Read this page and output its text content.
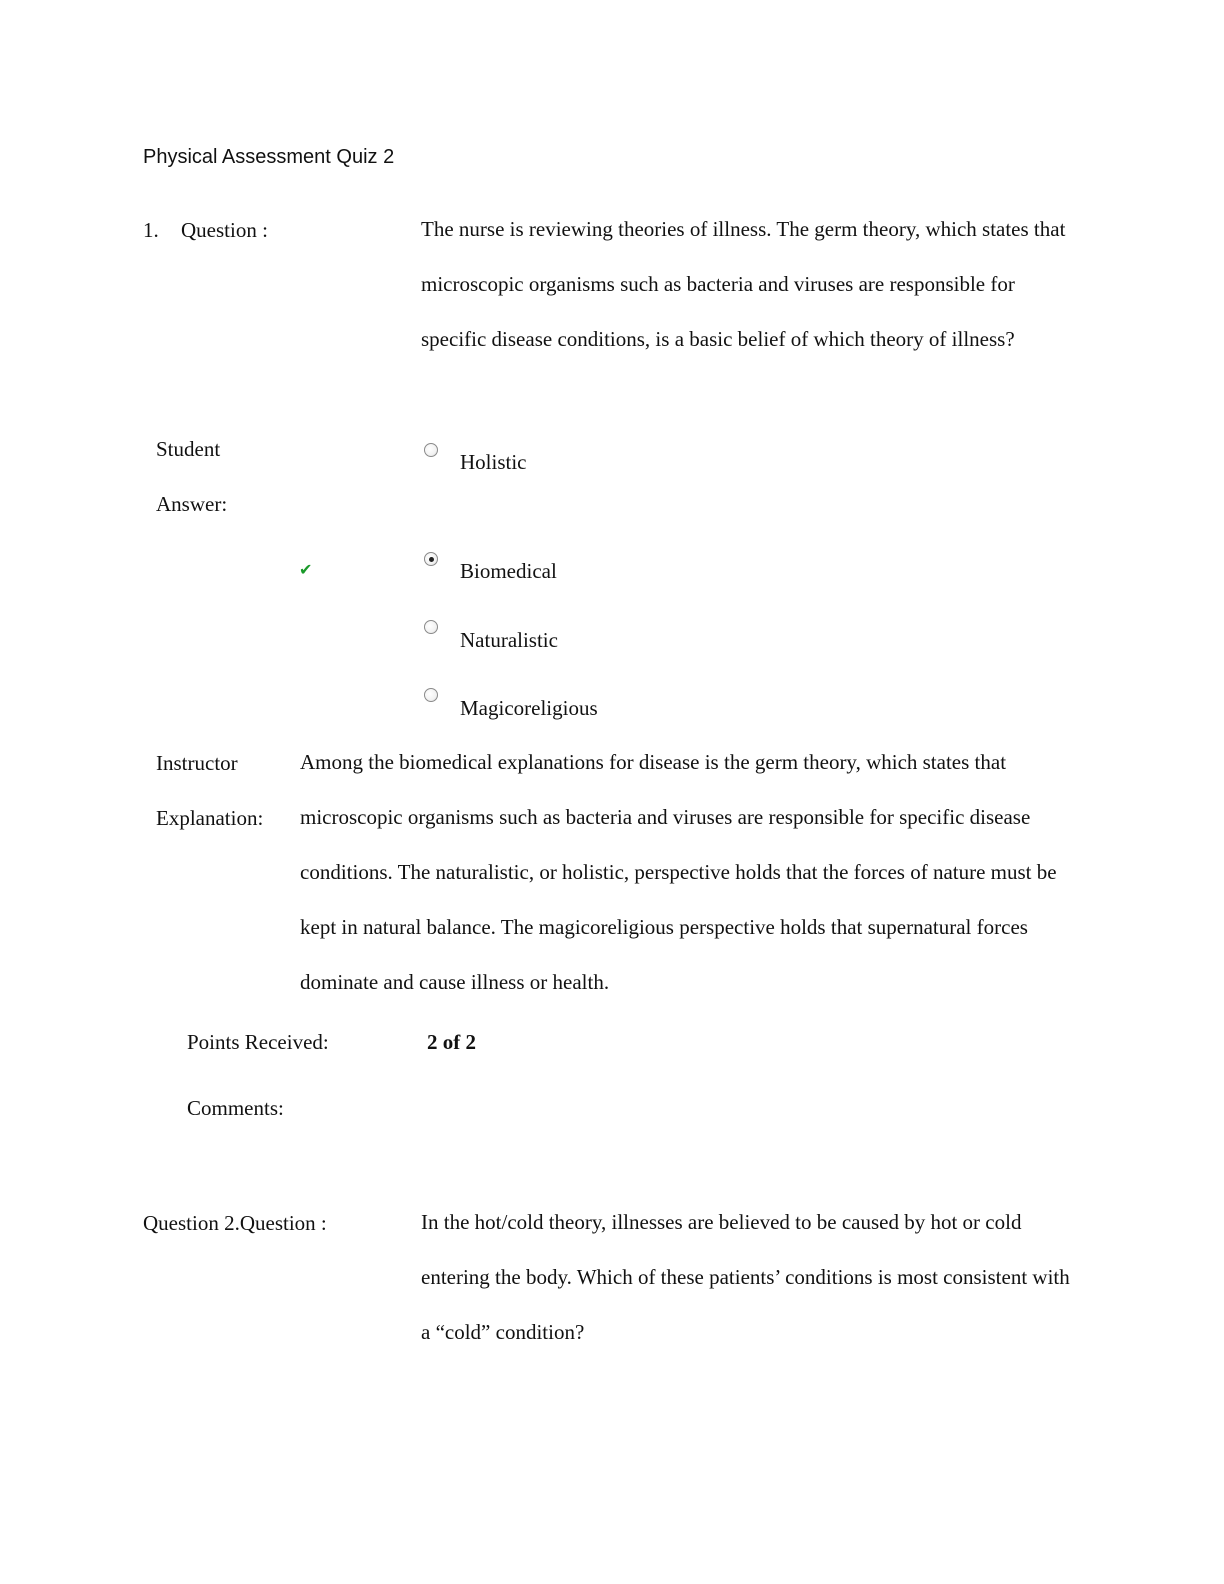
Physical Assessment Quiz 2
1. Question :	The nurse is reviewing theories of illness. The germ theory, which states that microscopic organisms such as bacteria and viruses are responsible for specific disease conditions, is a basic belief of which theory of illness?
Student
Answer:
Holistic
✔	Biomedical
Naturalistic
Magicoreligious
Instructor
Explanation:
Among the biomedical explanations for disease is the germ theory, which states that microscopic organisms such as bacteria and viruses are responsible for specific disease conditions. The naturalistic, or holistic, perspective holds that the forces of nature must be kept in natural balance. The magicoreligious perspective holds that supernatural forces dominate and cause illness or health.
Points Received:	2 of 2
Comments:
Question 2.Question :	In the hot/cold theory, illnesses are believed to be caused by hot or cold entering the body. Which of these patients’ conditions is most consistent with a “cold” condition?
